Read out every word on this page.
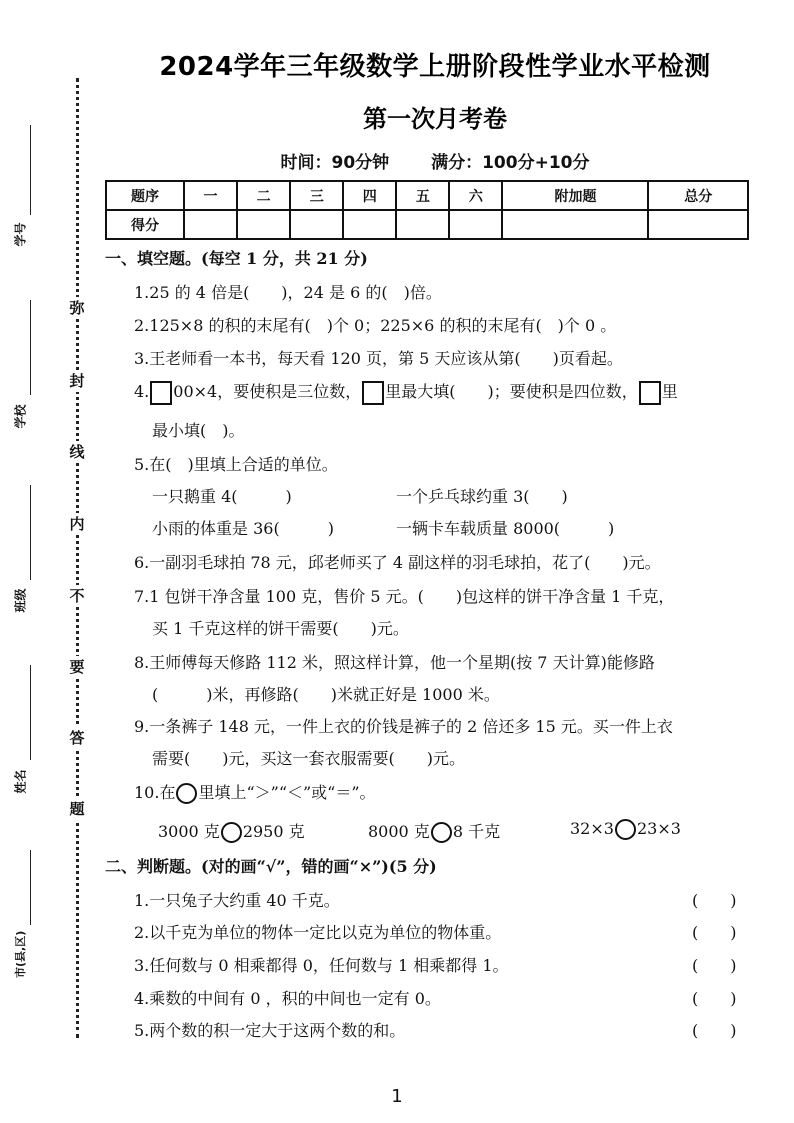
弥
封
线
内
不
要
答
题
学号
学校
班级
姓名
市(县,区)
2024学年三年级数学上册阶段性学业水平检测
第一次月考卷
时间：90分钟 满分：100分+10分
题序	一	二	三	四	五	六	附加题	总分
得分								
一、填空题。(每空 1 分，共 21 分)
1.25 的 4 倍是(　　)，24 是 6 的(　)倍。
2.125×8 的积的末尾有(　)个 0；225×6 的积的末尾有(　)个 0 。
3.王老师看一本书，每天看 120 页，第 5 天应该从第(　　)页看起。
4. 00×4，要使积是三位数， 里最大填(　　)；要使积是四位数， 里
最小填(　)。
5.在(　)里填上合适的单位。
一只鹅重 4(　　　)	一个乒乓球约重 3(　　)
小雨的体重是 36(　　　)	一辆卡车载质量 8000(　　　)
6.一副羽毛球拍 78 元，邱老师买了 4 副这样的羽毛球拍，花了(　　)元。
7.1 包饼干净含量 100 克，售价 5 元。(　　)包这样的饼干净含量 1 千克，
买 1 千克这样的饼干需要(　　)元。
8.王师傅每天修路 112 米，照这样计算，他一个星期(按 7 天计算)能修路
(　　　)米，再修路(　　)米就正好是 1000 米。
9.一条裤子 148 元，一件上衣的价钱是裤子的 2 倍还多 15 元。买一件上衣
需要(　　)元，买这一套衣服需要(　　)元。
10.在 里填上“＞”“＜”或“＝”。
3000 克 2950 克	8000 克 8 千克	32×3 23×3
二、判断题。(对的画“√”，错的画“×”)(5 分)
1.一只兔子大约重 40 千克。	(　　)
2.以千克为单位的物体一定比以克为单位的物体重。	(　　)
3.任何数与 0 相乘都得 0，任何数与 1 相乘都得 1。	(　　)
4.乘数的中间有 0 ，积的中间也一定有 0。	(　　)
5.两个数的积一定大于这两个数的和。	(　　)
1
